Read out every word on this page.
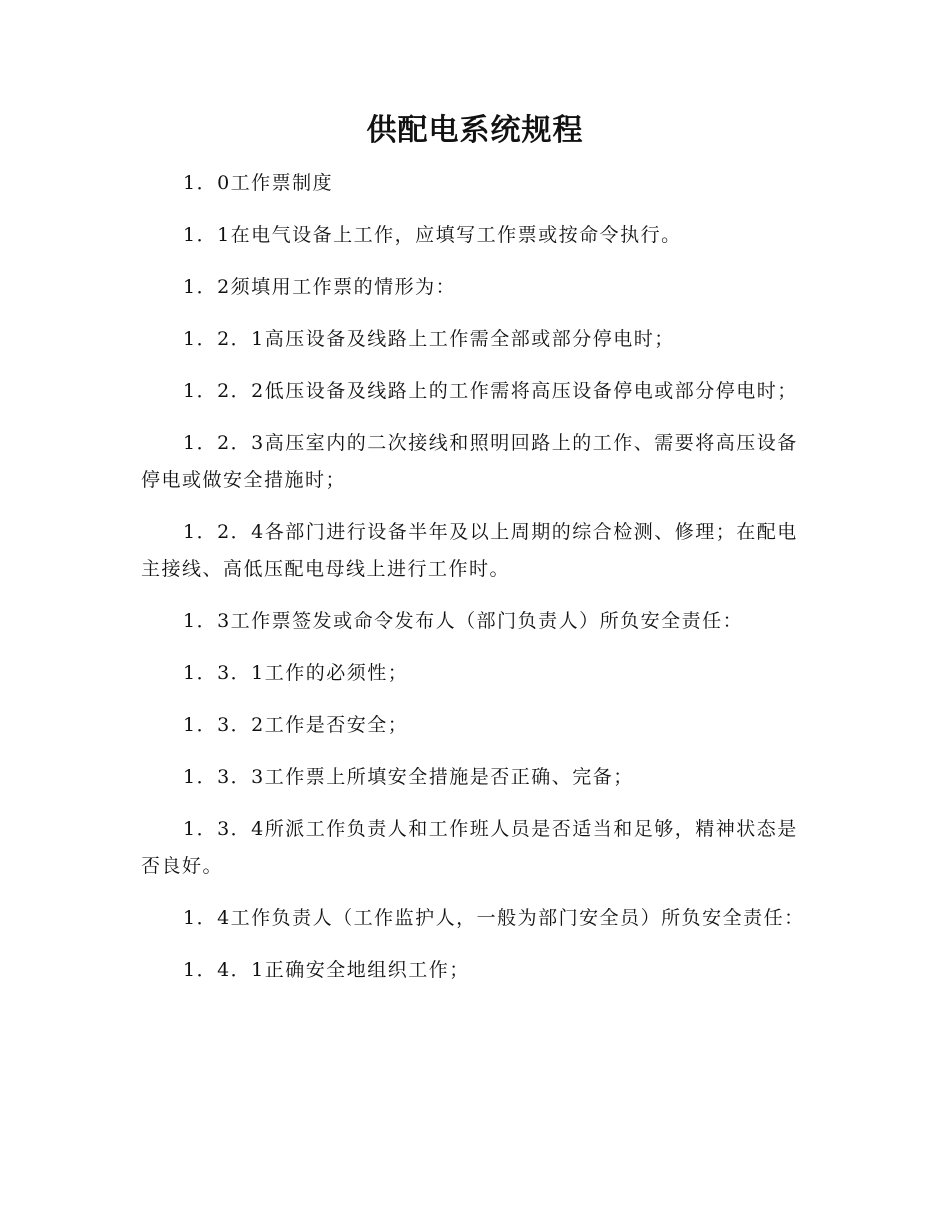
供配电系统规程

1．0工作票制度

1．1在电气设备上工作，应填写工作票或按命令执行。

1．2须填用工作票的情形为：

1．2．1高压设备及线路上工作需全部或部分停电时；

1．2．2低压设备及线路上的工作需将高压设备停电或部分停电时；

1．2．3高压室内的二次接线和照明回路上的工作、需要将高压设备停电或做安全措施时；

1．2．4各部门进行设备半年及以上周期的综合检测、修理；在配电主接线、高低压配电母线上进行工作时。

1．3工作票签发或命令发布人（部门负责人）所负安全责任：

1．3．1工作的必须性；

1．3．2工作是否安全；

1．3．3工作票上所填安全措施是否正确、完备；

1．3．4所派工作负责人和工作班人员是否适当和足够，精神状态是否良好。

1．4工作负责人（工作监护人，一般为部门安全员）所负安全责任：

1．4．1正确安全地组织工作；
